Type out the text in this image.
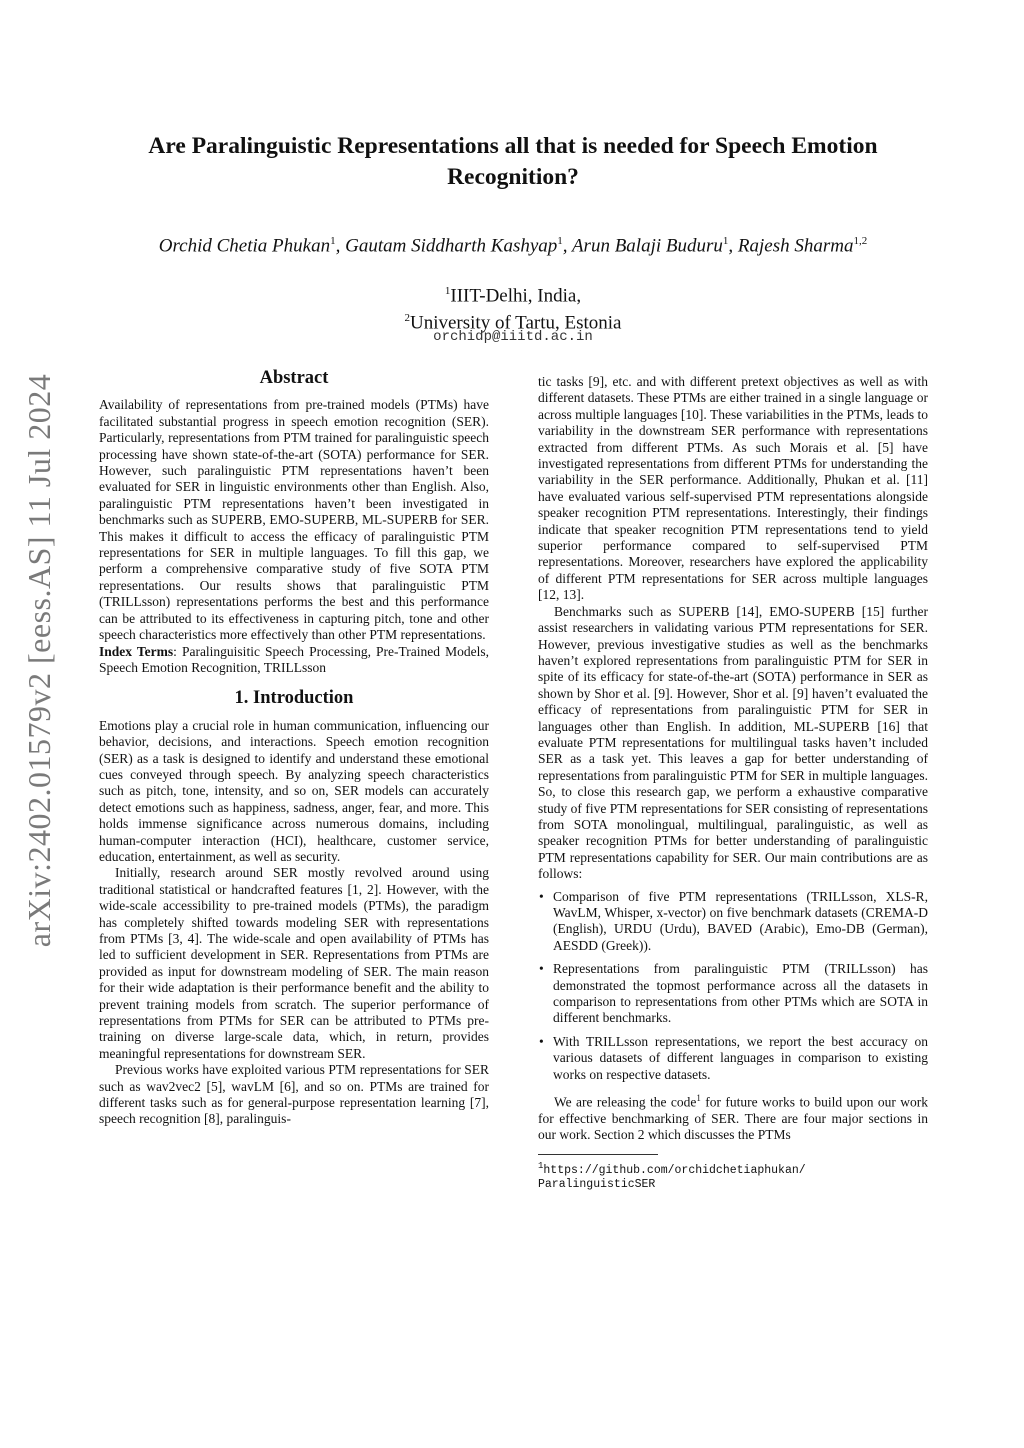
arXiv:2402.01579v2 [eess.AS] 11 Jul 2024
Are Paralinguistic Representations all that is needed for Speech Emotion Recognition?
Orchid Chetia Phukan$^1$, Gautam Siddharth Kashyap$^1$, Arun Balaji Buduru$^1$, Rajesh Sharma$^{1,2}$
$^1$IIIT-Delhi, India,
$^2$University of Tartu, Estonia
orchidp@iiitd.ac.in
Abstract

Availability of representations from pre-trained models (PTMs) have facilitated substantial progress in speech emotion recognition (SER). Particularly, representations from PTM trained for paralinguistic speech processing have shown state-of-the-art (SOTA) performance for SER. However, such paralinguistic PTM representations haven’t been evaluated for SER in linguistic environments other than English. Also, paralinguistic PTM representations haven’t been investigated in benchmarks such as SUPERB, EMO-SUPERB, ML-SUPERB for SER. This makes it difficult to access the efficacy of paralinguistic PTM representations for SER in multiple languages. To fill this gap, we perform a comprehensive comparative study of five SOTA PTM representations. Our results shows that paralinguistic PTM (TRILLsson) representations performs the best and this performance can be attributed to its effectiveness in capturing pitch, tone and other speech characteristics more effectively than other PTM representations.

Index Terms: Paralinguisitic Speech Processing, Pre-Trained Models, Speech Emotion Recognition, TRILLsson

1. Introduction

Emotions play a crucial role in human communication, influencing our behavior, decisions, and interactions. Speech emotion recognition (SER) as a task is designed to identify and understand these emotional cues conveyed through speech. By analyzing speech characteristics such as pitch, tone, intensity, and so on, SER models can accurately detect emotions such as happiness, sadness, anger, fear, and more. This holds immense significance across numerous domains, including human-computer interaction (HCI), healthcare, customer service, education, entertainment, as well as security.

Initially, research around SER mostly revolved around using traditional statistical or handcrafted features [1, 2]. However, with the wide-scale accessibility to pre-trained models (PTMs), the paradigm has completely shifted towards modeling SER with representations from PTMs [3, 4]. The wide-scale and open availability of PTMs has led to sufficient development in SER. Representations from PTMs are provided as input for downstream modeling of SER. The main reason for their wide adaptation is their performance benefit and the ability to prevent training models from scratch. The superior performance of representations from PTMs for SER can be attributed to PTMs pre-training on diverse large-scale data, which, in return, provides meaningful representations for downstream SER.

Previous works have exploited various PTM representations for SER such as wav2vec2 [5], wavLM [6], and so on. PTMs are trained for different tasks such as for general-purpose representation learning [7], speech recognition [8], paralinguis-

tic tasks [9], etc. and with different pretext objectives as well as with different datasets. These PTMs are either trained in a single language or across multiple languages [10]. These variabilities in the PTMs, leads to variability in the downstream SER performance with representations extracted from different PTMs. As such Morais et al. [5] have investigated representations from different PTMs for understanding the variability in the SER performance. Additionally, Phukan et al. [11] have evaluated various self-supervised PTM representations alongside speaker recognition PTM representations. Interestingly, their findings indicate that speaker recognition PTM representations tend to yield superior performance compared to self-supervised PTM representations. Moreover, researchers have explored the applicability of different PTM representations for SER across multiple languages [12, 13].

Benchmarks such as SUPERB [14], EMO-SUPERB [15] further assist researchers in validating various PTM representations for SER. However, previous investigative studies as well as the benchmarks haven’t explored representations from paralinguistic PTM for SER in spite of its efficacy for state-of-the-art (SOTA) performance in SER as shown by Shor et al. [9]. However, Shor et al. [9] haven’t evaluated the efficacy of representations from paralinguistic PTM for SER in languages other than English. In addition, ML-SUPERB [16] that evaluate PTM representations for multilingual tasks haven’t included SER as a task yet. This leaves a gap for better understanding of representations from paralinguistic PTM for SER in multiple languages. So, to close this research gap, we perform a exhaustive comparative study of five PTM representations for SER consisting of representations from SOTA monolingual, multilingual, paralinguistic, as well as speaker recognition PTMs for better understanding of paralinguistic PTM representations capability for SER. Our main contributions are as follows:

• Comparison of five PTM representations (TRILLsson, XLS-R, WavLM, Whisper, x-vector) on five benchmark datasets (CREMA-D (English), URDU (Urdu), BAVED (Arabic), Emo-DB (German), AESDD (Greek)).
• Representations from paralinguistic PTM (TRILLsson) has demonstrated the topmost performance across all the datasets in comparison to representations from other PTMs which are SOTA in different benchmarks.
• With TRILLsson representations, we report the best accuracy on various datasets of different languages in comparison to existing works on respective datasets.

We are releasing the code$^1$ for future works to build upon our work for effective benchmarking of SER. There are four major sections in our work. Section 2 which discusses the PTMs

$^1$https://github.com/orchidchetiaphukan/
ParalinguisticSER
